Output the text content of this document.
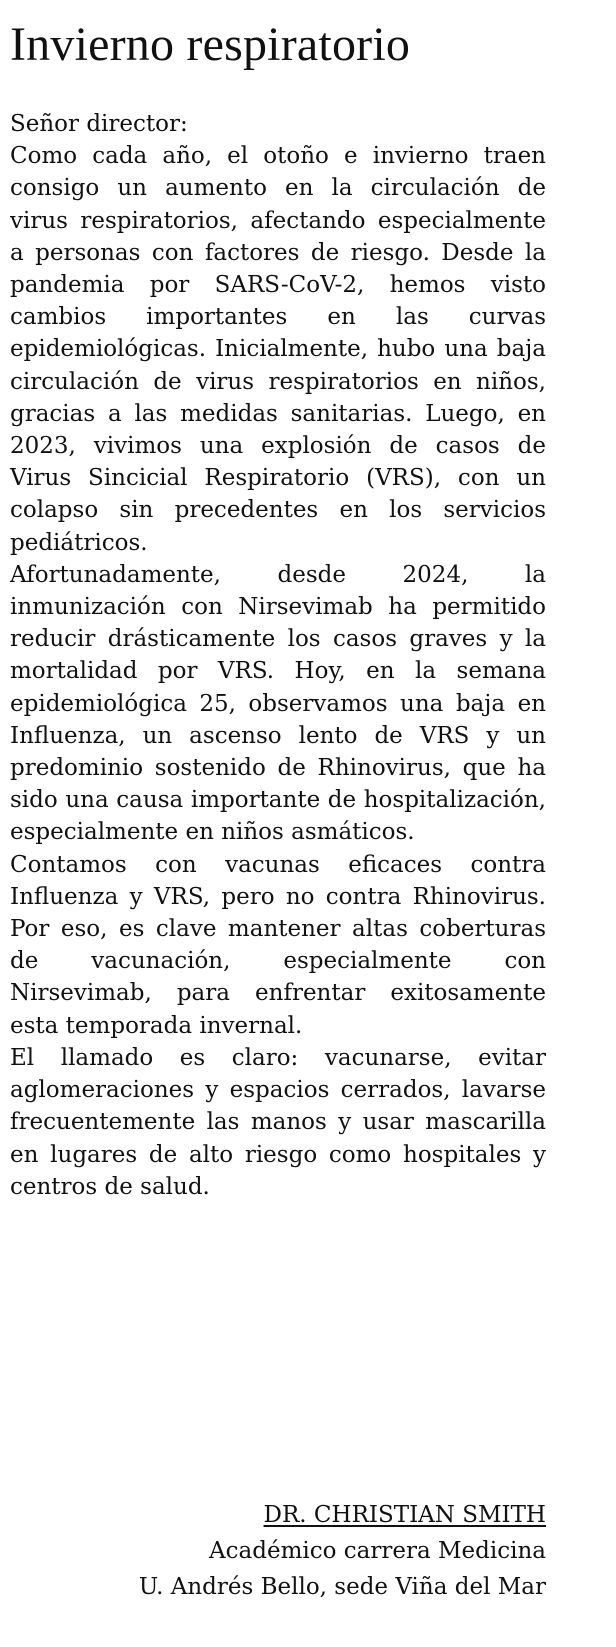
Invierno respiratorio

Señor director:

Como cada año, el otoño e invierno traen consigo un aumento en la circulación de virus respiratorios, afectando especialmente a personas con factores de riesgo. Desde la pandemia por SARS-CoV-2, hemos visto cambios importantes en las curvas epidemiológicas. Inicialmente, hubo una baja circulación de virus respiratorios en niños, gracias a las medidas sanitarias. Luego, en 2023, vivimos una explosión de casos de Virus Sincicial Respiratorio (VRS), con un colapso sin precedentes en los servicios pediátricos.

Afortunadamente, desde 2024, la inmunización con Nirsevimab ha permitido reducir drásticamente los casos graves y la mortalidad por VRS. Hoy, en la semana epidemiológica 25, observamos una baja en Influenza, un ascenso lento de VRS y un predominio sostenido de Rhinovirus, que ha sido una causa importante de hospitalización, especialmente en niños asmáticos.

Contamos con vacunas eficaces contra Influenza y VRS, pero no contra Rhinovirus. Por eso, es clave mantener altas coberturas de vacunación, especialmente con Nirsevimab, para enfrentar exitosamente esta temporada invernal.

El llamado es claro: vacunarse, evitar aglomeraciones y espacios cerrados, lavarse frecuentemente las manos y usar mascarilla en lugares de alto riesgo como hospitales y centros de salud.

DR. CHRISTIAN SMITH
Académico carrera Medicina
U. Andrés Bello, sede Viña del Mar
